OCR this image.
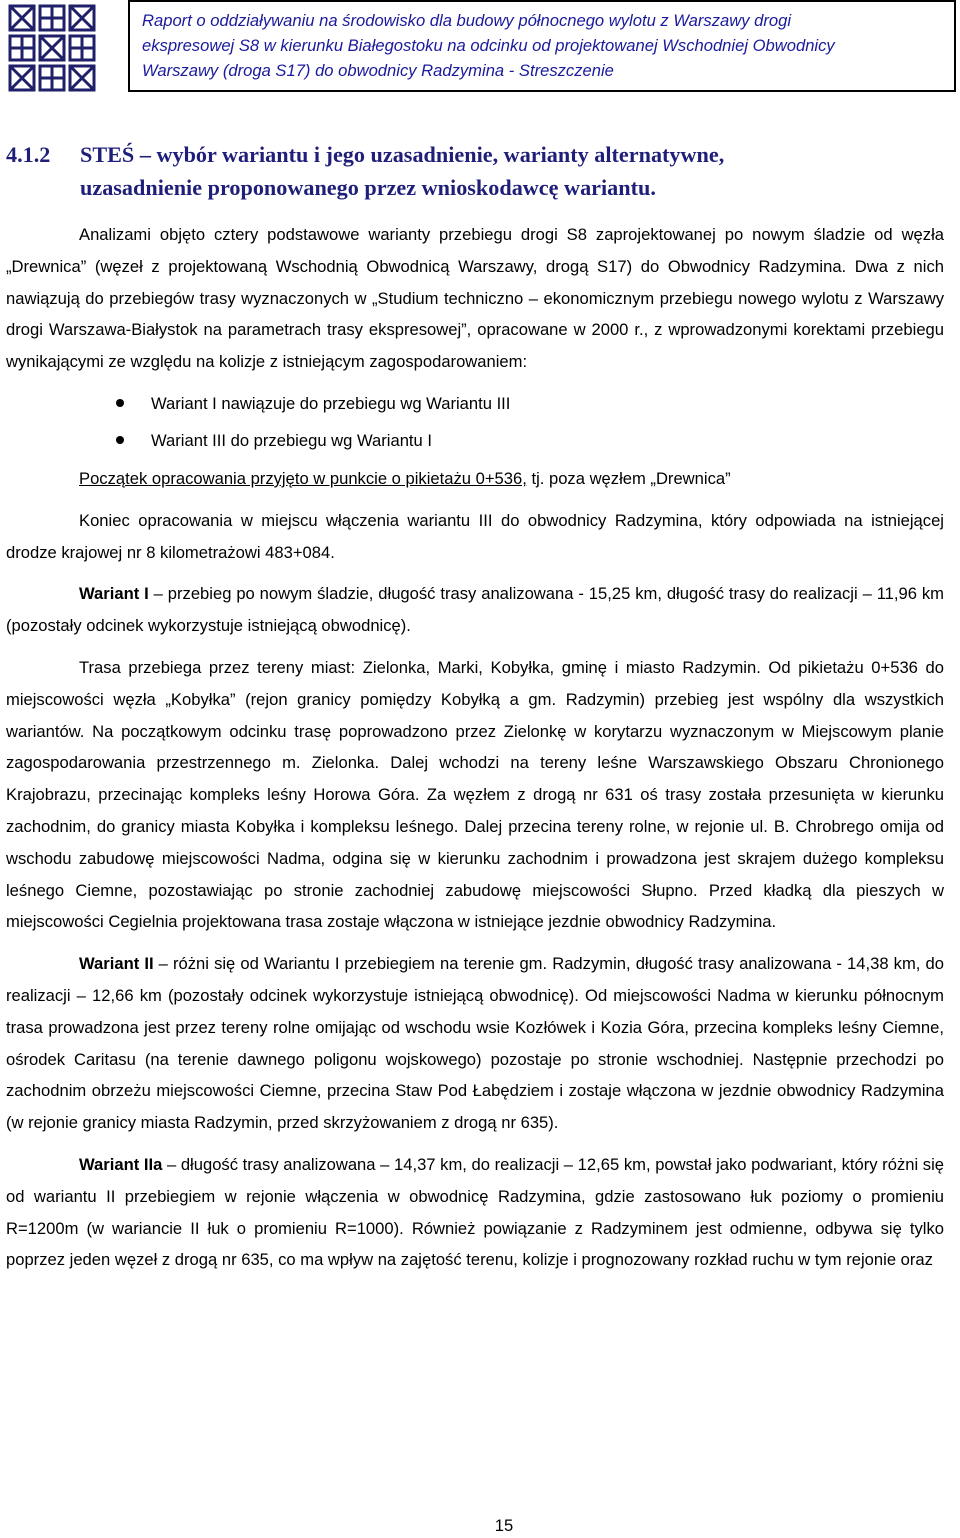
Raport o oddziaływaniu na środowisko dla budowy północnego wylotu z Warszawy drogi
ekspresowej S8 w kierunku Białegostoku na odcinku od projektowanej Wschodniej Obwodnicy
Warszawy (droga S17) do obwodnicy Radzymina - Streszczenie
4.1.2 STEŚ – wybór wariantu i jego uzasadnienie, warianty alternatywne,
uzasadnienie proponowanego przez wnioskodawcę wariantu.

Analizami objęto cztery podstawowe warianty przebiegu drogi S8 zaprojektowanej po nowym śladzie od węzła „Drewnica” (węzeł z projektowaną Wschodnią Obwodnicą Warszawy, drogą S17) do Obwodnicy Radzymina. Dwa z nich nawiązują do przebiegów trasy wyznaczonych w „Studium techniczno – ekonomicznym przebiegu nowego wylotu z Warszawy drogi Warszawa-Białystok na parametrach trasy ekspresowej”, opracowane w 2000 r., z wprowadzonymi korektami przebiegu wynikającymi ze względu na kolizje z istniejącym zagospodarowaniem:

Wariant I nawiązuje do przebiegu wg Wariantu III
Wariant III do przebiegu wg Wariantu I

Początek opracowania przyjęto w punkcie o pikietażu 0+536, tj. poza węzłem „Drewnica”

Koniec opracowania w miejscu włączenia wariantu III do obwodnicy Radzymina, który odpowiada na istniejącej drodze krajowej nr 8 kilometrażowi 483+084.

Wariant I – przebieg po nowym śladzie, długość trasy analizowana - 15,25 km, długość trasy do realizacji – 11,96 km (pozostały odcinek wykorzystuje istniejącą obwodnicę).

Trasa przebiega przez tereny miast: Zielonka, Marki, Kobyłka, gminę i miasto Radzymin. Od pikietażu 0+536 do miejscowości węzła „Kobyłka” (rejon granicy pomiędzy Kobyłką a gm. Radzymin) przebieg jest wspólny dla wszystkich wariantów. Na początkowym odcinku trasę poprowadzono przez Zielonkę w korytarzu wyznaczonym w Miejscowym planie zagospodarowania przestrzennego m. Zielonka. Dalej wchodzi na tereny leśne Warszawskiego Obszaru Chronionego Krajobrazu, przecinając kompleks leśny Horowa Góra. Za węzłem z drogą nr 631 oś trasy została przesunięta w kierunku zachodnim, do granicy miasta Kobyłka i kompleksu leśnego. Dalej przecina tereny rolne, w rejonie ul. B. Chrobrego omija od wschodu zabudowę miejscowości Nadma, odgina się w kierunku zachodnim i prowadzona jest skrajem dużego kompleksu leśnego Ciemne, pozostawiając po stronie zachodniej zabudowę miejscowości Słupno. Przed kładką dla pieszych w miejscowości Cegielnia projektowana trasa zostaje włączona w istniejące jezdnie obwodnicy Radzymina.

Wariant II – różni się od Wariantu I przebiegiem na terenie gm. Radzymin, długość trasy analizowana - 14,38 km, do realizacji – 12,66 km (pozostały odcinek wykorzystuje istniejącą obwodnicę). Od miejscowości Nadma w kierunku północnym trasa prowadzona jest przez tereny rolne omijając od wschodu wsie Kozłówek i Kozia Góra, przecina kompleks leśny Ciemne, ośrodek Caritasu (na terenie dawnego poligonu wojskowego) pozostaje po stronie wschodniej. Następnie przechodzi po zachodnim obrzeżu miejscowości Ciemne, przecina Staw Pod Łabędziem i zostaje włączona w jezdnie obwodnicy Radzymina (w rejonie granicy miasta Radzymin, przed skrzyżowaniem z drogą nr 635).

Wariant IIa – długość trasy analizowana – 14,37 km, do realizacji – 12,65 km, powstał jako podwariant, który różni się od wariantu II przebiegiem w rejonie włączenia w obwodnicę Radzymina, gdzie zastosowano łuk poziomy o promieniu R=1200m (w wariancie II łuk o promieniu R=1000). Również powiązanie z Radzyminem jest odmienne, odbywa się tylko poprzez jeden węzeł z drogą nr 635, co ma wpływ na zajętość terenu, kolizje i prognozowany rozkład ruchu w tym rejonie oraz

15
